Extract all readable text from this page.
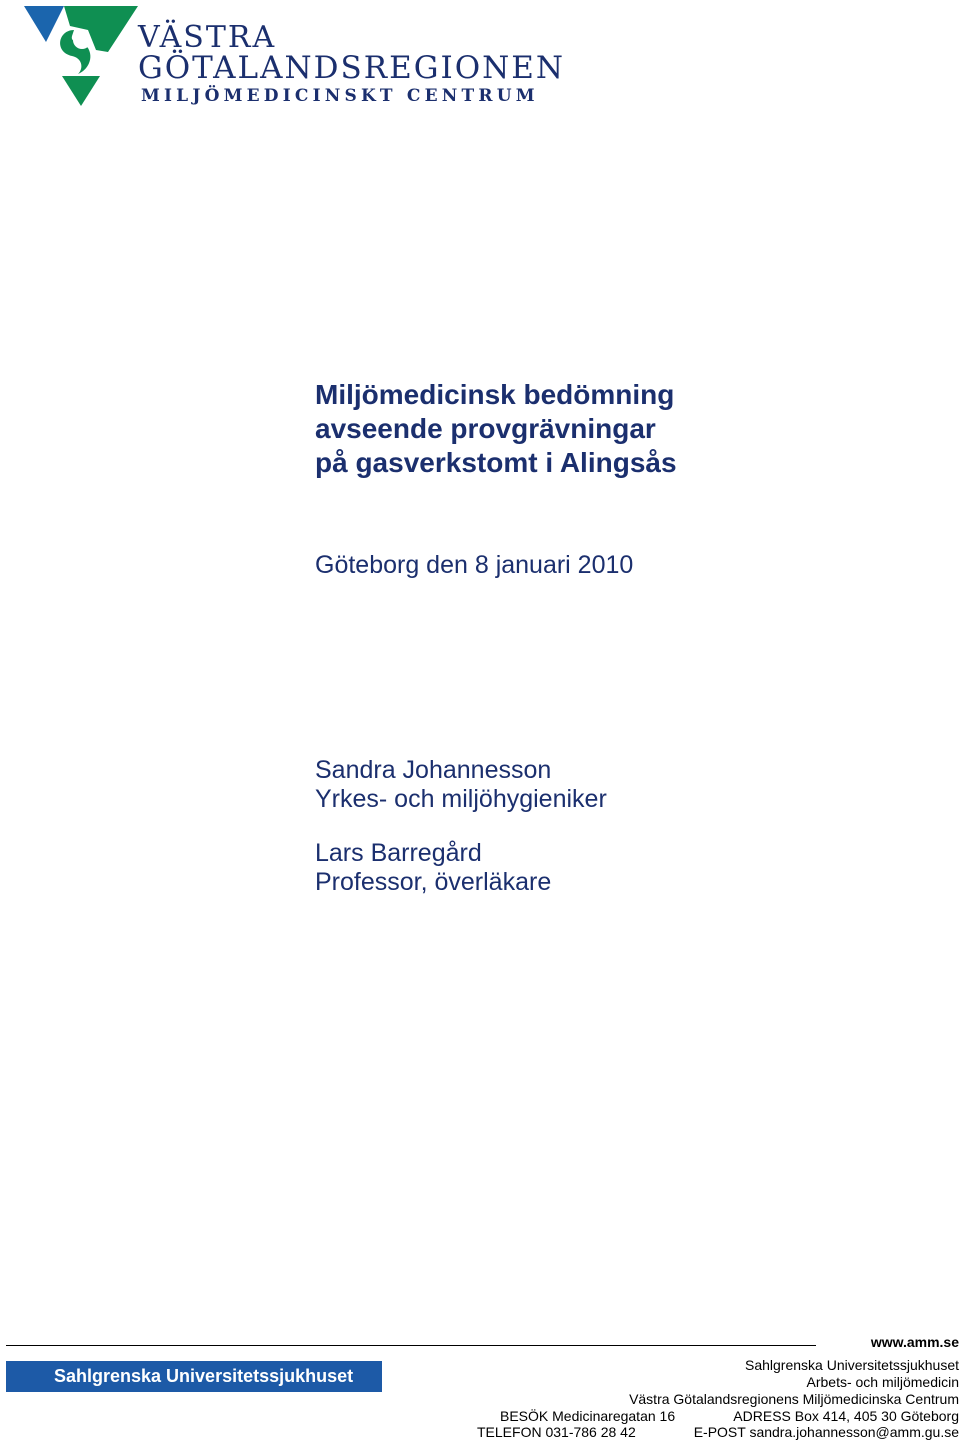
VÄSTRA
GÖTALANDSREGIONEN
MILJÖMEDICINSKT CENTRUM
Miljömedicinsk bedömning
avseende provgrävningar
på gasverkstomt i Alingsås
Göteborg den 8 januari 2010
Sandra Johannesson
Yrkes- och miljöhygieniker
Lars Barregård
Professor, överläkare
www.amm.se
Sahlgrenska Universitetssjukhuset
Sahlgrenska Universitetssjukhuset
Arbets- och miljömedicin
Västra Götalandsregionens Miljömedicinska Centrum
BESÖK Medicinaregatan 16	ADRESS Box 414, 405 30 Göteborg
TELEFON 031-786 28 42	E-POST sandra.johannesson@amm.gu.se
